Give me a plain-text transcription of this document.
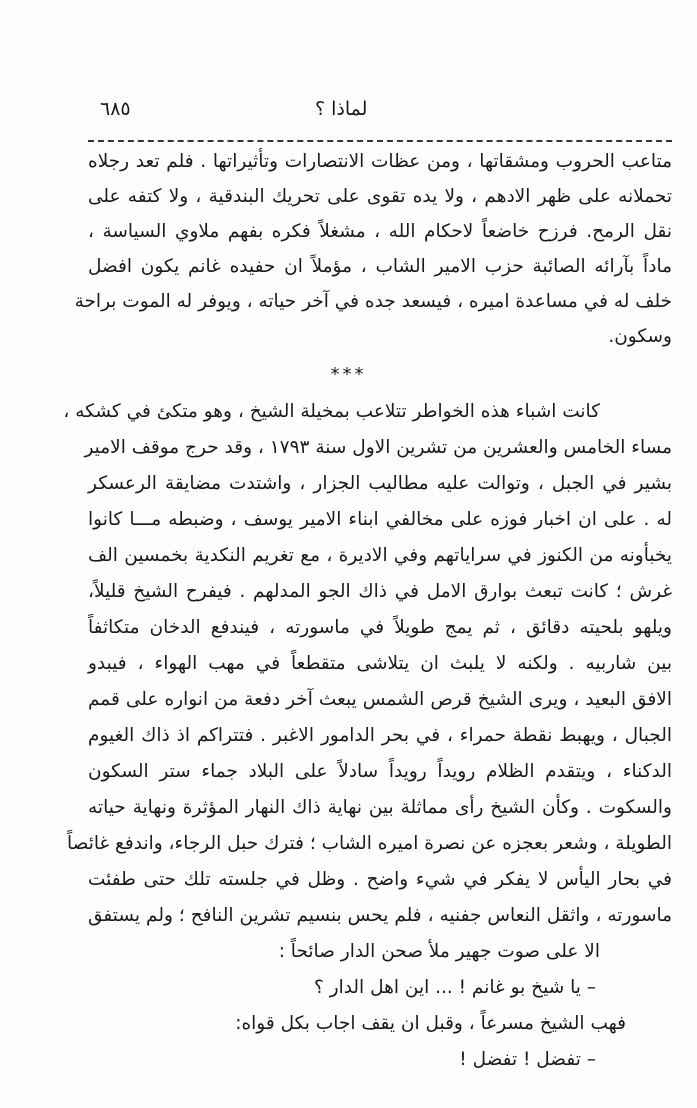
٦٨٥	لماذا ؟
متاعب الحروب ومشقاتها ، ومن عظات الانتصارات وتأثيراتها . فلم تعد رجلاه
تحملانه على ظهر الادهم ، ولا يده تقوى على تحريك البندقية ، ولا كتفه على
نقل الرمح. فرزح خاضعاً لاحكام الله ، مشغلاً فكره بفهم ملاوي السياسة ،
ماداً بآرائه الصائبة حزب الامير الشاب ، مؤملاً ان حفيده غانم يكون افضل
خلف له في مساعدة اميره ، فيسعد جده في آخر حياته ، ويوفر له الموت براحة
وسكون.
***
كانت اشباء هذه الخواطر تتلاعب بمخيلة الشيخ ، وهو متكئ في كشكه ،
مساء الخامس والعشرين من تشرين الاول سنة ١٧٩٣ ، وقد حرج موقف الامير
بشير في الجبل ، وتوالت عليه مطاليب الجزار ، واشتدت مضايقة الرعسكر
له . على ان اخبار فوزه على مخالفي ابناء الامير يوسف ، وضبطه مـــا كانوا
يخبأونه من الكنوز في سراياتهم وفي الاديرة ، مع تغريم النكدية بخمسين الف
غرش ؛ كانت تبعث بوارق الامل في ذاك الجو المدلهم . فيفرح الشيخ قليلاً،
ويلهو بلحيته دقائق ، ثم يمج طويلاً في ماسورته ، فيندفع الدخان متكاثفاً
بين شاربيه . ولكنه لا يلبث ان يتلاشى متقطعاً في مهب الهواء ، فيبدو
الافق البعيد ، ويرى الشيخ قرص الشمس يبعث آخر دفعة من انواره على قمم
الجبال ، ويهبط نقطة حمراء ، في بحر الدامور الاغبر . فتتراكم اذ ذاك الغيوم
الدكناء ، ويتقدم الظلام رويداً رويداً سادلاً على البلاد جماء ستر السكون
والسكوت . وكأن الشيخ رأى مماثلة بين نهاية ذاك النهار المؤثرة ونهاية حياته
الطويلة ، وشعر بعجزه عن نصرة اميره الشاب ؛ فترك حبل الرجاء، واندفع غائصاً
في بحار اليأس لا يفكر في شيء واضح . وظل في جلسته تلك حتى طفئت
ماسورته ، واثقل النعاس جفنيه ، فلم يحس بنسيم تشرين النافح ؛ ولم يستفق
الا على صوت جهير ملأ صحن الدار صائحاً :
– يا شيخ بو غانم ! ... اين اهل الدار ؟
فهب الشيخ مسرعاً ، وقبل ان يقف اجاب بكل قواه:
– تفضل ! تفضل !
